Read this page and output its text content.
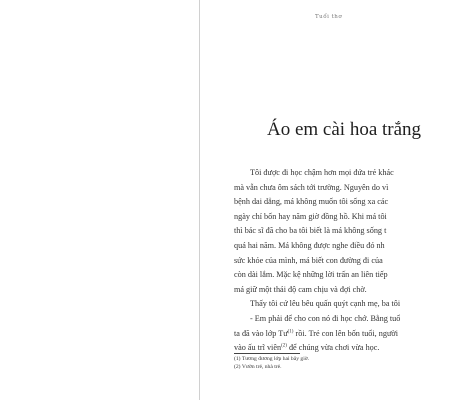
Tuổi thơ
Áo em cài hoa trắng
Tôi được đi học chậm hơn mọi đứa trẻ khác
mà vẫn chưa ôm sách tới trường. Nguyên do vì
bệnh dai dẳng, má không muốn tôi sống xa các
ngày chỉ bốn hay năm giờ đồng hồ. Khi má tôi
thì bác sĩ đã cho ba tôi biết là má không sống t
quá hai năm. Má không được nghe điều đó nh
sức khỏe của mình, má biết con đường đi của
còn dài lắm. Mặc kệ những lời trấn an liên tiếp
má giữ một thái độ cam chịu và đợi chờ.
Thấy tôi cứ lêu bêu quấn quýt cạnh mẹ, ba tôi
- Em phải để cho con nó đi học chớ. Bằng tuổ
ta đã vào lớp $Tư^{(1)}$ rồi. Trẻ con lên bốn tuổi, người
vào ấu trĩ viên$^{(2)}$ để chúng vừa chơi vừa học.
(1) Tương đương lớp hai bây giờ.
(2) Vườn trẻ, nhà trẻ.
